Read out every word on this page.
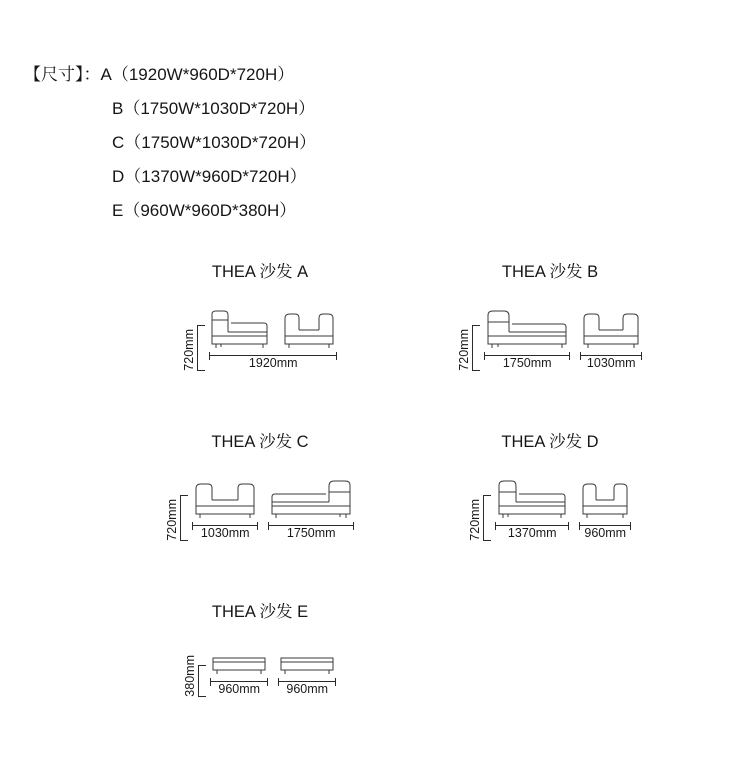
【尺寸】：A（1920W*960D*720H）
B（1750W*1030D*720H）
C（1750W*1030D*720H）
D（1370W*960D*720H）
E（960W*960D*380H）
THEA 沙发 A
720mm	1920mm
THEA 沙发 B
720mm	1750mm	1030mm
THEA 沙发 C
720mm 1030mm	1750mm
THEA 沙发 D
720mm 1370mm 960mm
THEA 沙发 E
380mm 960mm 960mm
